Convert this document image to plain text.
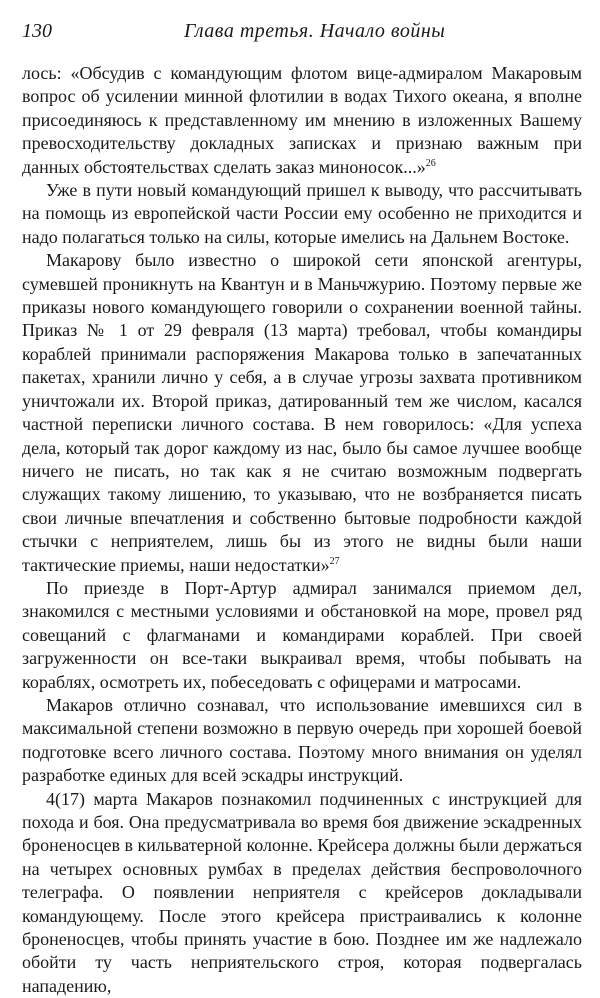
130	Глава третья. Начало войны

лось: «Обсудив с командующим флотом вице-адмиралом Макаровым вопрос об усилении минной флотилии в водах Тихого океана, я вполне присоединяюсь к представленному им мнению в изложенных Вашему превосходительству докладных записках и признаю важным при данных обстоятельствах сделать заказ миноносок...»$^{26}$

Уже в пути новый командующий пришел к выводу, что рассчитывать на помощь из европейской части России ему особенно не приходится и надо полагаться только на силы, которые имелись на Дальнем Востоке.

Макарову было известно о широкой сети японской агентуры, сумевшей проникнуть на Квантун и в Маньчжурию. Поэтому первые же приказы нового командующего говорили о сохранении военной тайны. Приказ № 1 от 29 февраля (13 марта) требовал, чтобы командиры кораблей принимали распоряжения Макарова только в запечатанных пакетах, хранили лично у себя, а в случае угрозы захвата противником уничтожали их. Второй приказ, датированный тем же числом, касался частной переписки личного состава. В нем говорилось: «Для успеха дела, который так дорог каждому из нас, было бы самое лучшее вообще ничего не писать, но так как я не считаю возможным подвергать служащих такому лишению, то указываю, что не возбраняется писать свои личные впечатления и собственно бытовые подробности каждой стычки с неприятелем, лишь бы из этого не видны были наши тактические приемы, наши недостатки»$^{27}$

По приезде в Порт-Артур адмирал занимался приемом дел, знакомился с местными условиями и обстановкой на море, провел ряд совещаний с флагманами и командирами кораблей. При своей загруженности он все-таки выкраивал время, чтобы побывать на кораблях, осмотреть их, побеседовать с офицерами и матросами.

Макаров отлично сознавал, что использование имевшихся сил в максимальной степени возможно в первую очередь при хорошей боевой подготовке всего личного состава. Поэтому много внимания он уделял разработке единых для всей эскадры инструкций.

4(17) марта Макаров познакомил подчиненных с инструкцией для похода и боя. Она предусматривала во время боя движение эскадренных броненосцев в кильватерной колонне. Крейсера должны были держаться на четырех основных румбах в пределах действия беспроволочного телеграфа. О появлении неприятеля с крейсеров докладывали командующему. После этого крейсера пристраивались к колонне броненосцев, чтобы принять участие в бою. Позднее им же надлежало обойти ту часть неприятельского строя, которая подвергалась нападению,
